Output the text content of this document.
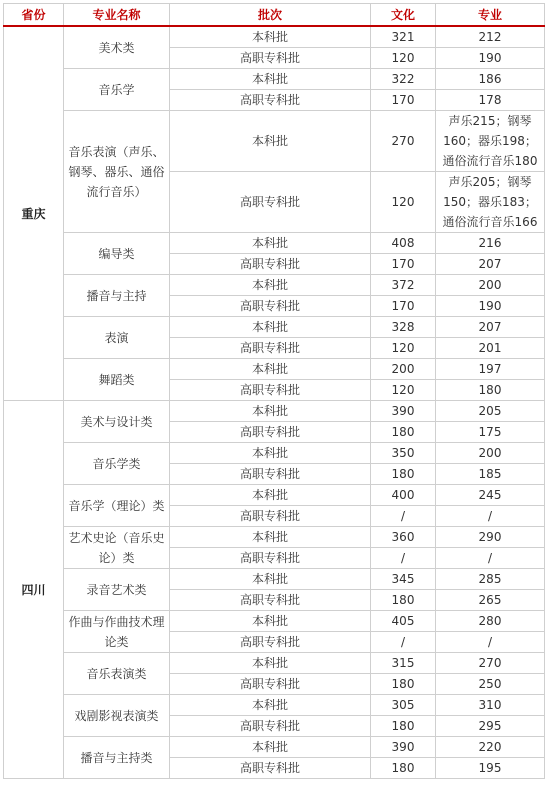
省份	专业名称	批次	文化	专业
重庆	美术类	本科批	321	212
		高职专科批	120	190
	音乐学	本科批	322	186
		高职专科批	170	178
	音乐表演（声乐、钢琴、器乐、通俗流行音乐）	本科批	270	声乐215；钢琴160；器乐198；通俗流行音乐180
		高职专科批	120	声乐205；钢琴150；器乐183；通俗流行音乐166
	编导类	本科批	408	216
		高职专科批	170	207
	播音与主持	本科批	372	200
		高职专科批	170	190
	表演	本科批	328	207
		高职专科批	120	201
	舞蹈类	本科批	200	197
		高职专科批	120	180
四川	美术与设计类	本科批	390	205
		高职专科批	180	175
	音乐学类	本科批	350	200
		高职专科批	180	185
	音乐学（理论）类	本科批	400	245
		高职专科批	/	/
	艺术史论（音乐史论）类	本科批	360	290
		高职专科批	/	/
	录音艺术类	本科批	345	285
		高职专科批	180	265
	作曲与作曲技术理论类	本科批	405	280
		高职专科批	/	/
	音乐表演类	本科批	315	270
		高职专科批	180	250
	戏剧影视表演类	本科批	305	310
		高职专科批	180	295
	播音与主持类	本科批	390	220
		高职专科批	180	195
